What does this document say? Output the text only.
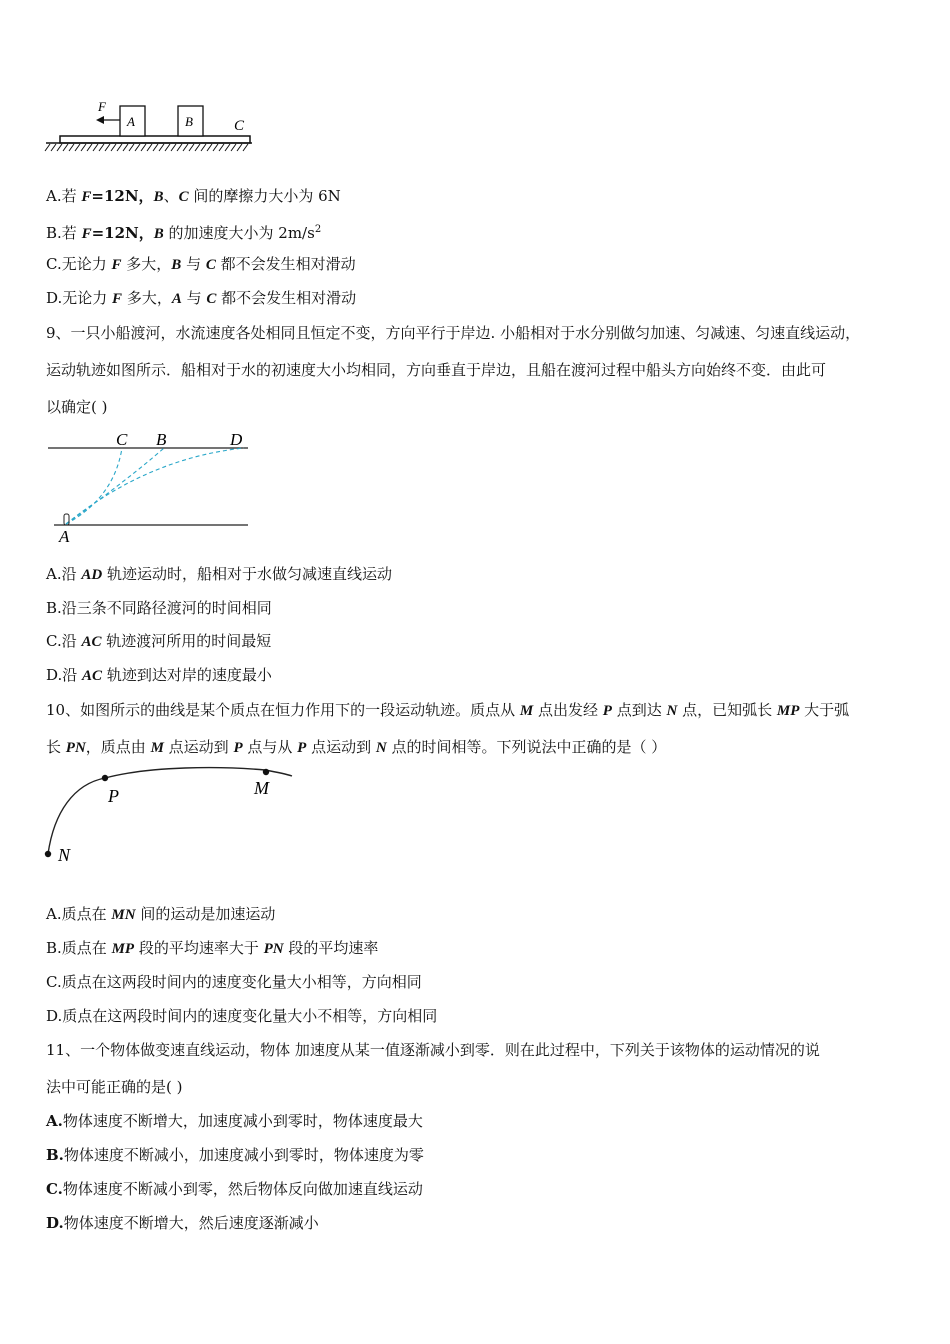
F
A	B	C
A.若 F=12N，B、C 间的摩擦力大小为 6N
B.若 F=12N，B 的加速度大小为 $2m/s^2$
C.无论力 F 多大，B 与 C 都不会发生相对滑动
D.无论力 F 多大，A 与 C 都不会发生相对滑动
9、一只小船渡河，水流速度各处相同且恒定不变，方向平行于岸边. 小船相对于水分别做匀加速、匀减速、匀速直线运动，
运动轨迹如图所示．船相对于水的初速度大小均相同，方向垂直于岸边，且船在渡河过程中船头方向始终不变．由此可
以确定( )
C B	D
A
A.沿 AD 轨迹运动时，船相对于水做匀减速直线运动
B.沿三条不同路径渡河的时间相同
C.沿 AC 轨迹渡河所用的时间最短
D.沿 AC 轨迹到达对岸的速度最小
10、如图所示的曲线是某个质点在恒力作用下的一段运动轨迹。质点从 M 点出发经 P 点到达 N 点，已知弧长 MP 大于弧
长 PN，质点由 M 点运动到 P 点与从 P 点运动到 N 点的时间相等。下列说法中正确的是（ ）
P	M
N
A.质点在 MN 间的运动是加速运动
B.质点在 MP 段的平均速率大于 PN 段的平均速率
C.质点在这两段时间内的速度变化量大小相等，方向相同
D.质点在这两段时间内的速度变化量大小不相等，方向相同
11、一个物体做变速直线运动，物体 加速度从某一值逐渐减小到零．则在此过程中，下列关于该物体的运动情况的说
法中可能正确的是( )
A.物体速度不断增大，加速度减小到零时，物体速度最大
B.物体速度不断减小，加速度减小到零时，物体速度为零
C.物体速度不断减小到零，然后物体反向做加速直线运动
D.物体速度不断增大，然后速度逐渐减小
